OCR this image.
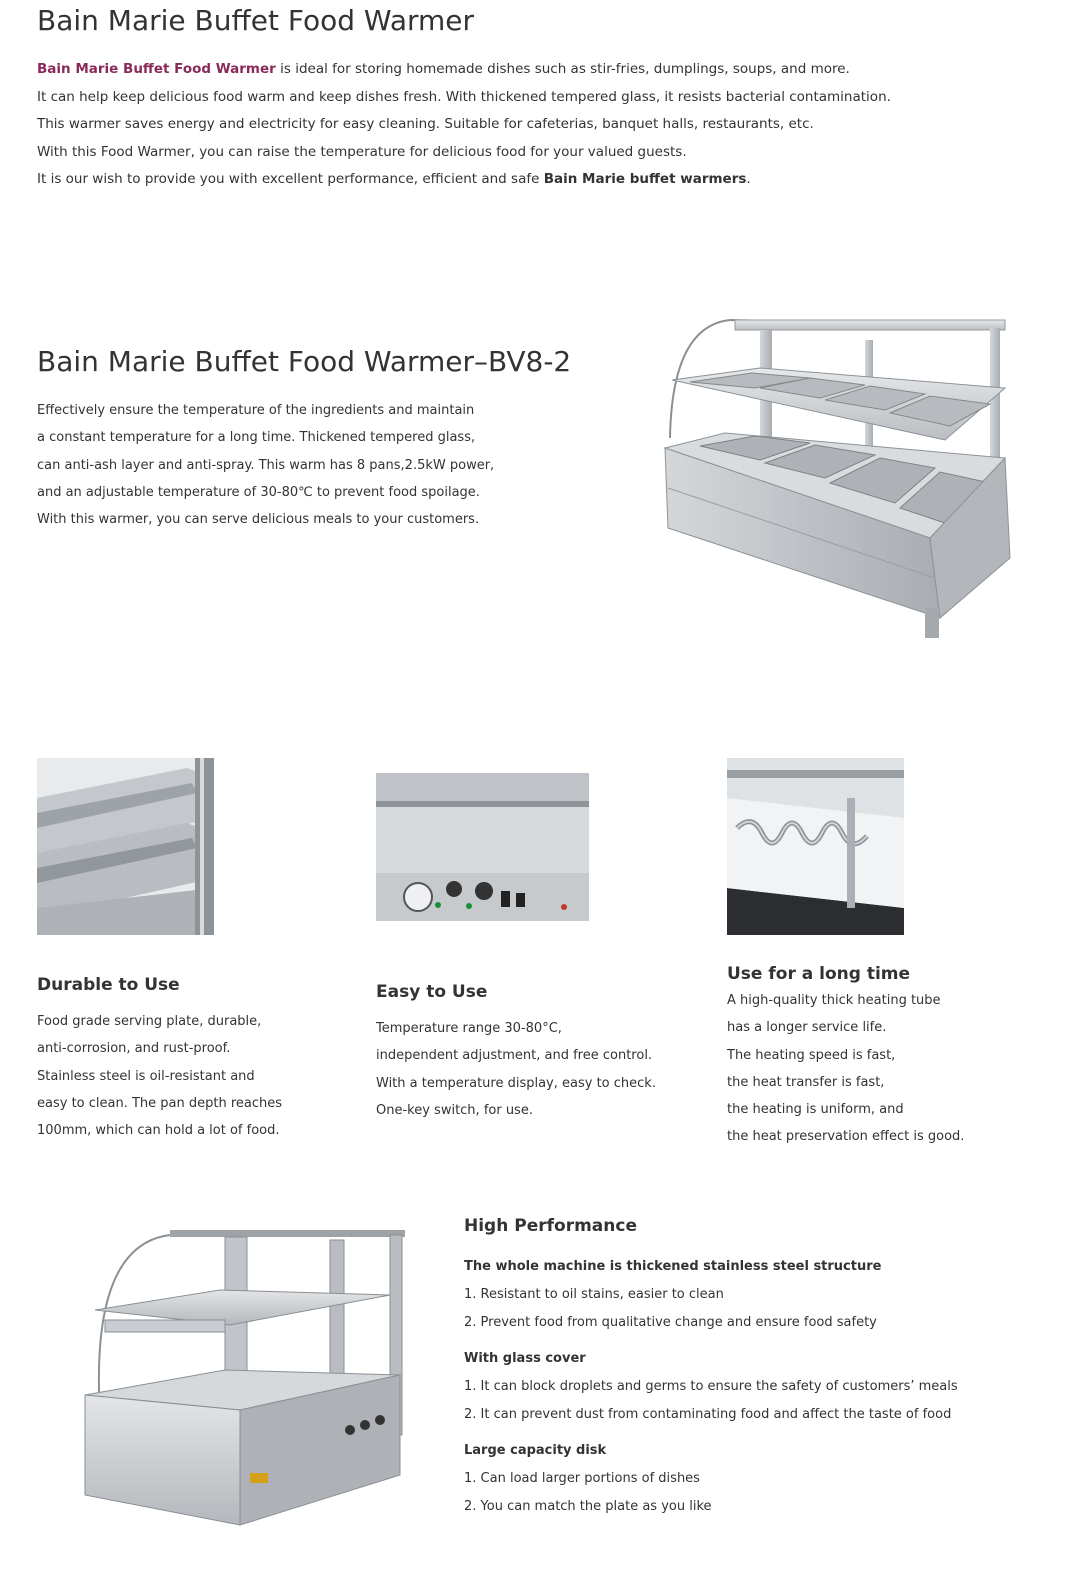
Bain Marie Buffet Food Warmer

Bain Marie Buffet Food Warmer is ideal for storing homemade dishes such as stir-fries, dumplings, soups, and more.

It can help keep delicious food warm and keep dishes fresh. With thickened tempered glass, it resists bacterial contamination.

This warmer saves energy and electricity for easy cleaning. Suitable for cafeterias, banquet halls, restaurants, etc.

With this Food Warmer, you can raise the temperature for delicious food for your valued guests.

It is our wish to provide you with excellent performance, efficient and safe Bain Marie buffet warmers.

Bain Marie Buffet Food Warmer–BV8-2

Effectively ensure the temperature of the ingredients and maintain

a constant temperature for a long time. Thickened tempered glass,

can anti-ash layer and anti-spray. This warm has 8 pans,2.5kW power,

and an adjustable temperature of 30-80℃ to prevent food spoilage.

With this warmer, you can serve delicious meals to your customers.

Durable to Use

Food grade serving plate, durable,

anti-corrosion, and rust-proof.

Stainless steel is oil-resistant and

easy to clean. The pan depth reaches

100mm, which can hold a lot of food.

Easy to Use

Temperature range 30-80°C,

independent adjustment, and free control.

With a temperature display, easy to check.

One-key switch, for use.

Use for a long time

A high-quality thick heating tube

has a longer service life.

The heating speed is fast,

the heat transfer is fast,

the heating is uniform, and

the heat preservation effect is good.

High Performance
The whole machine is thickened stainless steel structure
1. Resistant to oil stains, easier to clean
2. Prevent food from qualitative change and ensure food safety
With glass cover
1. It can block droplets and germs to ensure the safety of customers’ meals
2. It can prevent dust from contaminating food and affect the taste of food
Large capacity disk
1. Can load larger portions of dishes
2. You can match the plate as you like
